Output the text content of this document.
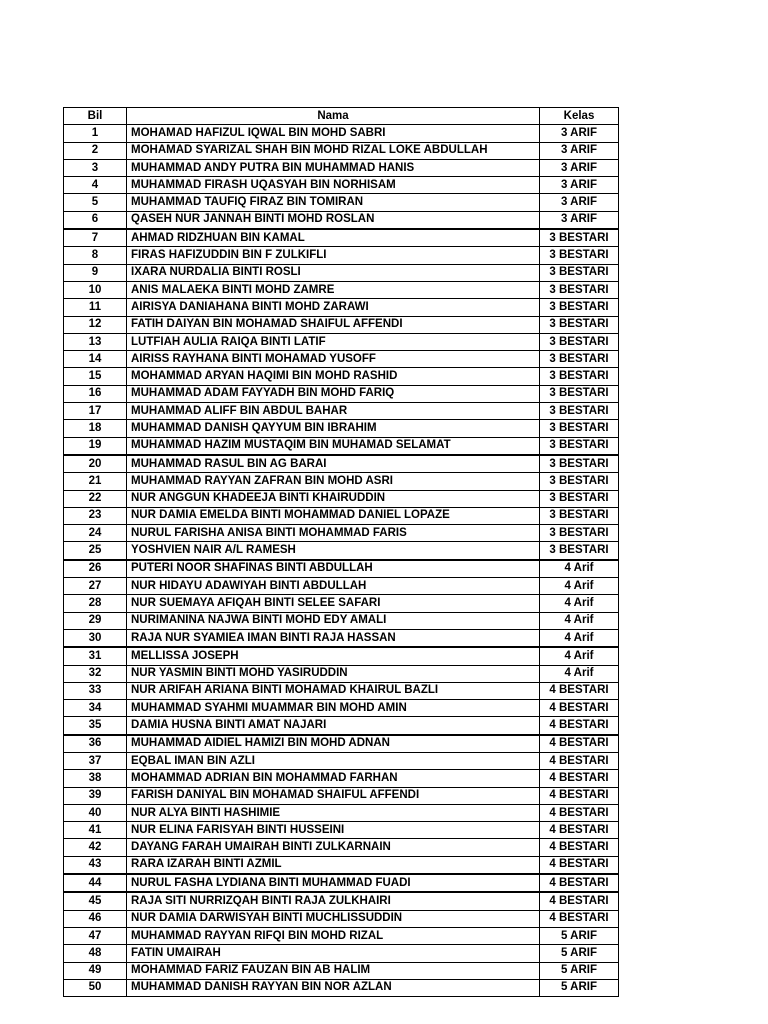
Bil	Nama	Kelas
1	MOHAMAD HAFIZUL IQWAL BIN MOHD SABRI	3 ARIF
2	MOHAMAD SYARIZAL SHAH BIN MOHD RIZAL LOKE ABDULLAH	3 ARIF
3	MUHAMMAD ANDY PUTRA BIN MUHAMMAD HANIS	3 ARIF
4	MUHAMMAD FIRASH UQASYAH BIN NORHISAM	3 ARIF
5	MUHAMMAD TAUFIQ FIRAZ BIN TOMIRAN	3 ARIF
6	QASEH NUR JANNAH BINTI MOHD ROSLAN	3 ARIF
7	AHMAD RIDZHUAN BIN KAMAL	3 BESTARI
8	FIRAS HAFIZUDDIN BIN F ZULKIFLI	3 BESTARI
9	IXARA NURDALIA BINTI ROSLI	3 BESTARI
10	ANIS MALAEKA BINTI MOHD ZAMRE	3 BESTARI
11	AIRISYA DANIAHANA BINTI MOHD ZARAWI	3 BESTARI
12	FATIH DAIYAN BIN MOHAMAD SHAIFUL AFFENDI	3 BESTARI
13	LUTFIAH AULIA RAIQA BINTI LATIF	3 BESTARI
14	AIRISS RAYHANA BINTI MOHAMAD YUSOFF	3 BESTARI
15	MOHAMMAD ARYAN HAQIMI BIN MOHD RASHID	3 BESTARI
16	MUHAMMAD ADAM FAYYADH BIN MOHD FARIQ	3 BESTARI
17	MUHAMMAD ALIFF BIN ABDUL BAHAR	3 BESTARI
18	MUHAMMAD DANISH QAYYUM BIN IBRAHIM	3 BESTARI
19	MUHAMMAD HAZIM MUSTAQIM BIN MUHAMAD SELAMAT	3 BESTARI
20	MUHAMMAD RASUL BIN AG BARAI	3 BESTARI
21	MUHAMMAD RAYYAN ZAFRAN BIN MOHD ASRI	3 BESTARI
22	NUR ANGGUN KHADEEJA BINTI KHAIRUDDIN	3 BESTARI
23	NUR DAMIA EMELDA BINTI MOHAMMAD DANIEL LOPAZE	3 BESTARI
24	NURUL FARISHA ANISA BINTI MOHAMMAD FARIS	3 BESTARI
25	YOSHVIEN NAIR A/L RAMESH	3 BESTARI
26	PUTERI NOOR SHAFINAS BINTI ABDULLAH	4 Arif
27	NUR HIDAYU ADAWIYAH BINTI ABDULLAH	4 Arif
28	NUR SUEMAYA AFIQAH BINTI SELEE SAFARI	4 Arif
29	NURIMANINA NAJWA BINTI MOHD EDY AMALI	4 Arif
30	RAJA NUR SYAMIEA IMAN BINTI RAJA HASSAN	4 Arif
31	MELLISSA JOSEPH	4 Arif
32	NUR YASMIN BINTI MOHD YASIRUDDIN	4 Arif
33	NUR ARIFAH ARIANA BINTI MOHAMAD KHAIRUL BAZLI	4 BESTARI
34	MUHAMMAD SYAHMI MUAMMAR BIN MOHD AMIN	4 BESTARI
35	DAMIA HUSNA BINTI AMAT NAJARI	4 BESTARI
36	MUHAMMAD AIDIEL HAMIZI BIN MOHD ADNAN	4 BESTARI
37	EQBAL IMAN BIN AZLI	4 BESTARI
38	MOHAMMAD ADRIAN BIN MOHAMMAD FARHAN	4 BESTARI
39	FARISH DANIYAL BIN MOHAMAD SHAIFUL AFFENDI	4 BESTARI
40	NUR ALYA BINTI HASHIMIE	4 BESTARI
41	NUR ELINA FARISYAH BINTI HUSSEINI	4 BESTARI
42	DAYANG FARAH UMAIRAH BINTI ZULKARNAIN	4 BESTARI
43	RARA IZARAH BINTI AZMIL	4 BESTARI
44	NURUL FASHA LYDIANA BINTI MUHAMMAD FUADI	4 BESTARI
45	RAJA SITI NURRIZQAH BINTI RAJA ZULKHAIRI	4 BESTARI
46	NUR DAMIA DARWISYAH BINTI MUCHLISSUDDIN	4 BESTARI
47	MUHAMMAD RAYYAN RIFQI BIN MOHD RIZAL	5 ARIF
48	FATIN UMAIRAH	5 ARIF
49	MOHAMMAD FARIZ FAUZAN BIN AB HALIM	5 ARIF
50	MUHAMMAD DANISH RAYYAN BIN NOR AZLAN	5 ARIF
